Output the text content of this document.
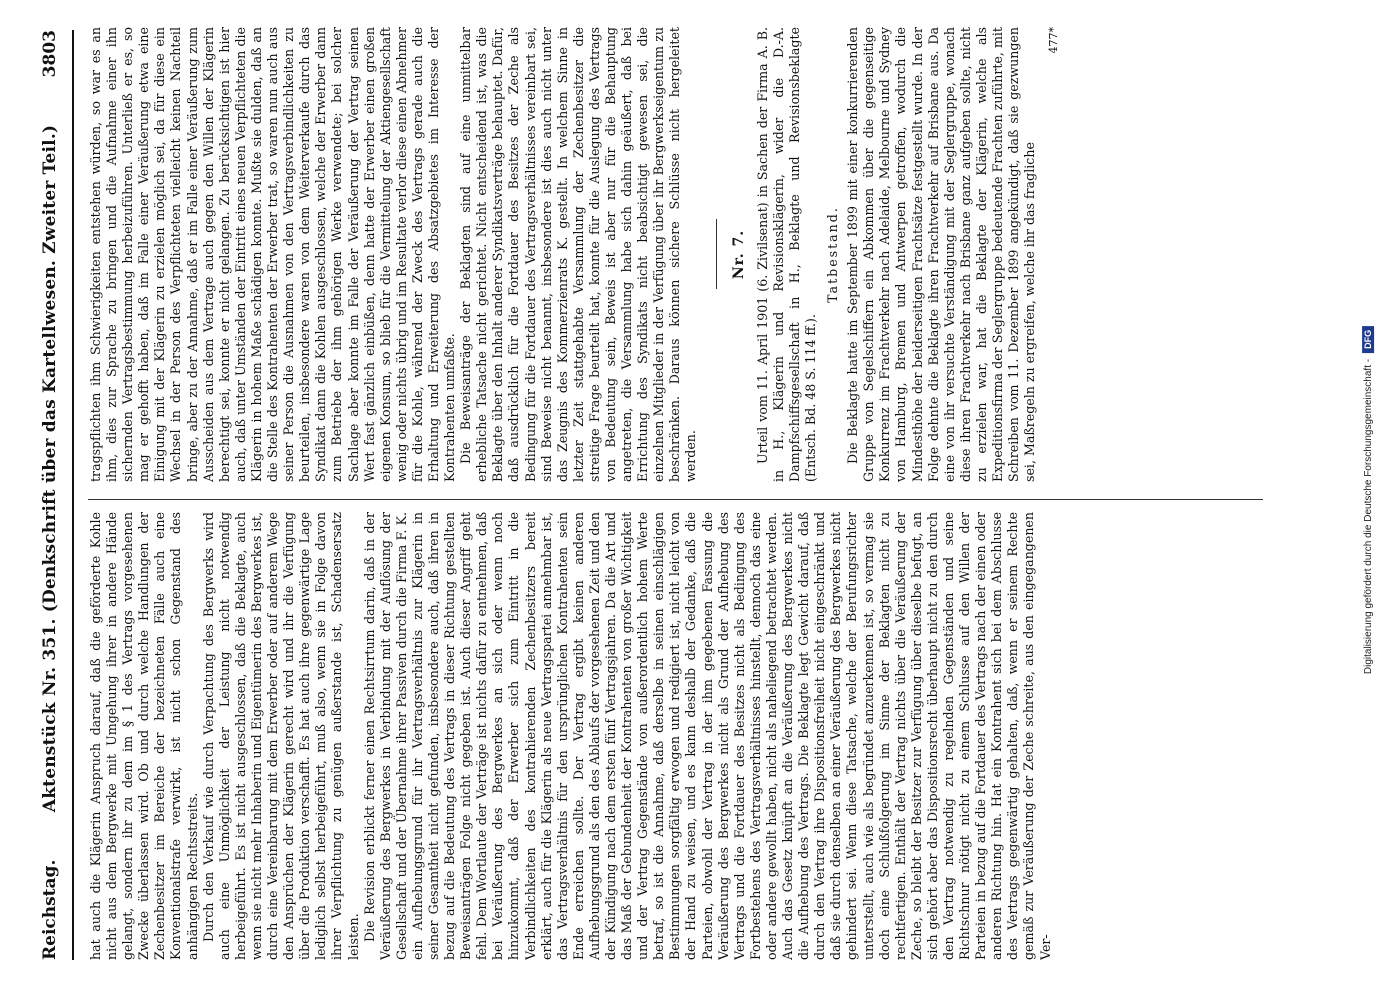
Reichstag.
Aktenstück Nr. 351. (Denkschrift über das Kartellwesen. Zweiter Teil.)
3803

hat auch die Klägerin Anspruch darauf, daß die geförderte Kohle nicht aus dem Bergwerke mit Umgehung ihrer in andere Hände gelangt, sondern ihr zu dem im § 1 des Vertrags vorgesehenen Zwecke überlassen wird. Ob und durch welche Handlungen der Zechenbesitzer im Bereiche der bezeichneten Fälle auch eine Konventionalstrafe verwirkt, ist nicht schon Gegenstand des anhängigen Rechtsstreits. Durch den Verkauf wie durch Verpachtung des Bergwerks wird auch eine Unmöglichkeit der Leistung nicht notwendig herbeigeführt. Es ist nicht ausgeschlossen, daß die Beklagte, auch wenn sie nicht mehr Inhaberin und Eigentümerin des Bergwerkes ist, durch eine Vereinbarung mit dem Erwerber oder auf anderem Wege den Ansprüchen der Klägerin gerecht wird und ihr die Verfügung über die Produktion verschafft. Es hat auch ihre gegenwärtige Lage lediglich selbst herbeigeführt, muß also, wenn sie in Folge davon ihrer Verpflichtung zu genügen außerstande ist, Schadensersatz leisten. Die Revision erblickt ferner einen Rechtsirrtum darin, daß in der Veräußerung des Bergwerkes in Verbindung mit der Auflösung der Gesellschaft und der Übernahme ihrer Passiven durch die Firma F. K. ein Aufhebungsgrund für ihr Vertragsverhältnis zur Klägerin in seiner Gesamtheit nicht gefunden, insbesondere auch, daß ihren in bezug auf die Bedeutung des Vertrags in dieser Richtung gestellten Beweisanträgen Folge nicht gegeben ist. Auch dieser Angriff geht fehl. Dem Wortlaute der Verträge ist nichts dafür zu entnehmen, daß bei Veräußerung des Bergwerkes an sich oder wenn noch hinzukommt, daß der Erwerber sich zum Eintritt in die Verbindlichkeiten des kontrahierenden Zechenbesitzers bereit erklärt, auch für die Klägerin als neue Vertragspartei annehmbar ist, das Vertragsverhältnis für den ursprünglichen Kontrahenten sein Ende erreichen sollte. Der Vertrag ergibt keinen anderen Aufhebungsgrund als den des Ablaufs der vorgesehenen Zeit und den der Kündigung nach dem ersten fünf Vertragsjahren. Da die Art und das Maß der Gebundenheit der Kontrahenten von großer Wichtigkeit und der Vertrag Gegenstände von außerordentlich hohem Werte betraf, so ist die Annahme, daß derselbe in seinen einschlägigen Bestimmungen sorgfältig erwogen und redigiert ist, nicht leicht von der Hand zu weisen, und es kann deshalb der Gedanke, daß die Parteien, obwohl der Vertrag in der ihm gegebenen Fassung die Veräußerung des Bergwerkes nicht als Grund der Aufhebung des Vertrags und die Fortdauer des Besitzes nicht als Bedingung des Fortbestehens des Vertragsverhältnisses hinstellt, dennoch das eine oder andere gewollt haben, nicht als naheliegend betrachtet werden. Auch das Gesetz knüpft an die Veräußerung des Bergwerkes nicht die Aufhebung des Vertrags. Die Beklagte legt Gewicht darauf, daß durch den Vertrag ihre Dispositionsfreiheit nicht eingeschränkt und daß sie durch denselben an einer Veräußerung des Bergwerkes nicht gehindert sei. Wenn diese Tatsache, welche der Berufungsrichter unterstellt, auch wie als begründet anzuerkennen ist, so vermag sie doch eine Schlußfolgerung im Sinne der Beklagten nicht zu rechtfertigen. Enthält der Vertrag nichts über die Veräußerung der Zeche, so bleibt der Besitzer zur Verfügung über dieselbe befugt, an sich gehört aber das Dispositionsrecht überhaupt nicht zu den durch den Vertrag notwendig zu regelnden Gegenständen und seine Richtschnur nötigt nicht zu einem Schlusse auf den Willen der Parteien in bezug auf die Fortdauer des Vertrags nach der einen oder anderen Richtung hin. Hat ein Kontrahent sich bei dem Abschlusse des Vertrags gegenwärtig gehalten, daß, wenn er seinem Rechte gemäß zur Veräußerung der Zeche schreite, aus den eingegangenen Ver-

tragspflichten ihm Schwierigkeiten entstehen würden, so war es an ihm, dies zur Sprache zu bringen und die Aufnahme einer ihn sichernden Vertragsbestimmung herbeizuführen. Unterließ er es, so mag er gehofft haben, daß im Falle einer Veräußerung etwa eine Einigung mit der Klägerin zu erzielen möglich sei, da für diese ein Wechsel in der Person des Verpflichteten vielleicht keinen Nachteil bringe, aber zu der Annahme, daß er im Falle einer Veräußerung zum Ausscheiden aus dem Vertrage auch gegen den Willen der Klägerin berechtigt sei, konnte er nicht gelangen. Zu berücksichtigen ist hier auch, daß unter Umständen der Eintritt eines neuen Verpflichteten die Klägerin in hohem Maße schädigen konnte. Mußte sie dulden, daß an die Stelle des Kontrahenten der Erwerber trat, so waren nun auch aus seiner Person die Ausnahmen von den Vertragsverbindlichkeiten zu beurteilen, insbesondere waren von dem Weiterverkaufe durch das Syndikat dann die Kohlen ausgeschlossen, welche der Erwerber dann zum Betriebe der ihm gehörigen Werke verwendete; bei solcher Sachlage aber konnte im Falle der Veräußerung der Vertrag seinen Wert fast gänzlich einbüßen, denn hatte der Erwerber einen großen eigenen Konsum, so blieb für die Vermittelung der Aktiengesellschaft wenig oder nichts übrig und im Resultate verlor diese einen Abnehmer für die Kohle, während der Zweck des Vertrags gerade auch die Erhaltung und Erweiterung des Absatzgebietes im Interesse der Kontrahenten umfaßte. Die Beweisanträge der Beklagten sind auf eine unmittelbar erhebliche Tatsache nicht gerichtet. Nicht entscheidend ist, was die Beklagte über den Inhalt anderer Syndikatsverträge behauptet. Dafür, daß ausdrücklich für die Fortdauer des Besitzes der Zeche als Bedingung für die Fortdauer des Vertragsverhältnisses vereinbart sei, sind Beweise nicht benannt, insbesondere ist dies auch nicht unter das Zeugnis des Kommerzienrats K. gestellt. In welchem Sinne in letzter Zeit stattgehabte Versammlung der Zechenbesitzer die streitige Frage beurteilt hat, konnte für die Auslegung des Vertrags von Bedeutung sein, Beweis ist aber nur für die Behauptung angetreten, die Versammlung habe sich dahin geäußert, daß bei Errichtung des Syndikats nicht beabsichtigt gewesen sei, die einzelnen Mitglieder in der Verfügung über ihr Bergwerkseigentum zu beschränken. Daraus können sichere Schlüsse nicht hergeleitet werden.

Nr. 7. Urteil vom 11. April 1901 (6. Zivilsenat) in Sachen der Firma A. B. in H., Klägerin und Revisionsklägerin, wider die D.-A. Dampfschiffsgesellschaft in H., Beklagte und Revisionsbeklagte (Entsch. Bd. 48 S. 114 ff.).

Tatbestand. Die Beklagte hatte im September 1899 mit einer konkurrierenden Gruppe von Segelschiffern ein Abkommen über die gegenseitige Konkurrenz im Frachtverkehr nach Adelaide, Melbourne und Sydney von Hamburg, Bremen und Antwerpen getroffen, wodurch die Mindesthöhe der beiderseitigen Frachtsätze festgestellt wurde. In der Folge dehnte die Beklagte ihren Frachtverkehr auf Brisbane aus. Da eine von ihr versuchte Verständigung mit der Seglergruppe, wonach diese ihren Frachtverkehr nach Brisbane ganz aufgeben sollte, nicht zu erzielen war, hat die Beklagte der Klägerin, welche als Expeditionsfirma der Seglergruppe bedeutende Frachten zuführte, mit Schreiben vom 11. Dezember 1899 angekündigt, daß sie gezwungen sei, Maßregeln zu ergreifen, welche ihr das fragliche

477*
Digitalisierung gefördert durch die Deutsche Forschungsgemeinschaft -
DFG
